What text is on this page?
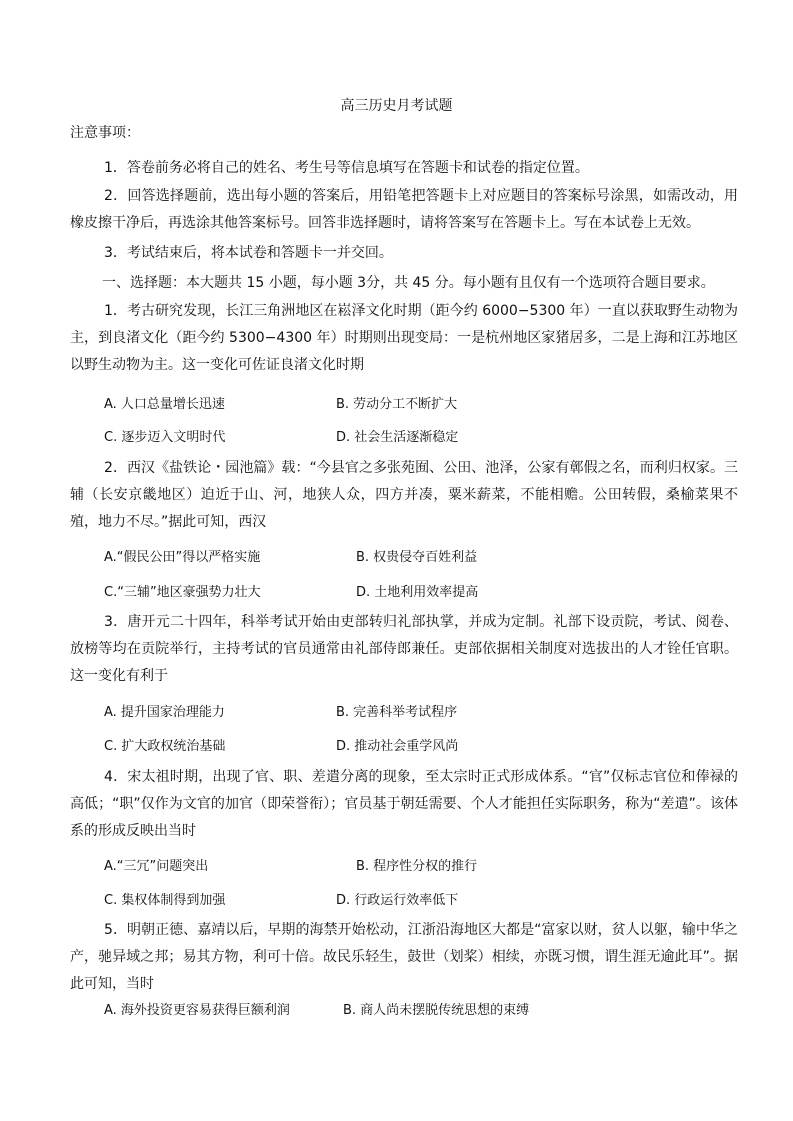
高三历史月考试题
注意事项：

1．答卷前务必将自己的姓名、考生号等信息填写在答题卡和试卷的指定位置。

2．回答选择题前，选出每小题的答案后，用铅笔把答题卡上对应题目的答案标号涂黑，如需改动，用橡皮擦干净后，再选涂其他答案标号。回答非选择题时，请将答案写在答题卡上。写在本试卷上无效。

3．考试结束后，将本试卷和答题卡一并交回。

一、选择题：本大题共 15 小题，每小题 3分，共 45 分。每小题有且仅有一个选项符合题目要求。

1．考古研究发现，长江三角洲地区在崧泽文化时期（距今约 6000−5300 年）一直以获取野生动物为主，到良渚文化（距今约 5300−4300 年）时期则出现变局：一是杭州地区家猪居多，二是上海和江苏地区以野生动物为主。这一变化可佐证良渚文化时期

A. 人口总量增长迅速	B. 劳动分工不断扩大
C. 逐步迈入文明时代	D. 社会生活逐渐稳定

2．西汉《盐铁论・园池篇》载：“今县官之多张苑囿、公田、池泽，公家有鄣假之名，而利归权家。三辅（长安京畿地区）迫近于山、河，地狭人众，四方并凑，粟米薪菜，不能相赡。公田转假，桑榆菜果不殖，地力不尽。”据此可知，西汉

A.“假民公田”得以严格实施	B. 权贵侵夺百姓利益
C.“三辅”地区豪强势力壮大	D. 土地利用效率提高

3．唐开元二十四年，科举考试开始由吏部转归礼部执掌，并成为定制。礼部下设贡院，考试、阅卷、放榜等均在贡院举行，主持考试的官员通常由礼部侍郎兼任。吏部依据相关制度对选拔出的人才铨任官职。这一变化有利于

A. 提升国家治理能力	B. 完善科举考试程序
C. 扩大政权统治基础	D. 推动社会重学风尚

4．宋太祖时期，出现了官、职、差遣分离的现象，至太宗时正式形成体系。“官”仅标志官位和俸禄的高低；“职”仅作为文官的加官（即荣誉衔）；官员基于朝廷需要、个人才能担任实际职务，称为“差遣”。该体系的形成反映出当时

A.“三冗”问题突出	B. 程序性分权的推行
C. 集权体制得到加强	D. 行政运行效率低下

5．明朝正德、嘉靖以后，早期的海禁开始松动，江浙沿海地区大都是“富家以财，贫人以躯，输中华之产，驰异域之邦；易其方物，利可十倍。故民乐轻生，鼓世（划桨）相续，亦既习惯，谓生涯无逾此耳”。据此可知，当时

A. 海外投资更容易获得巨额利润	B. 商人尚未摆脱传统思想的束缚
